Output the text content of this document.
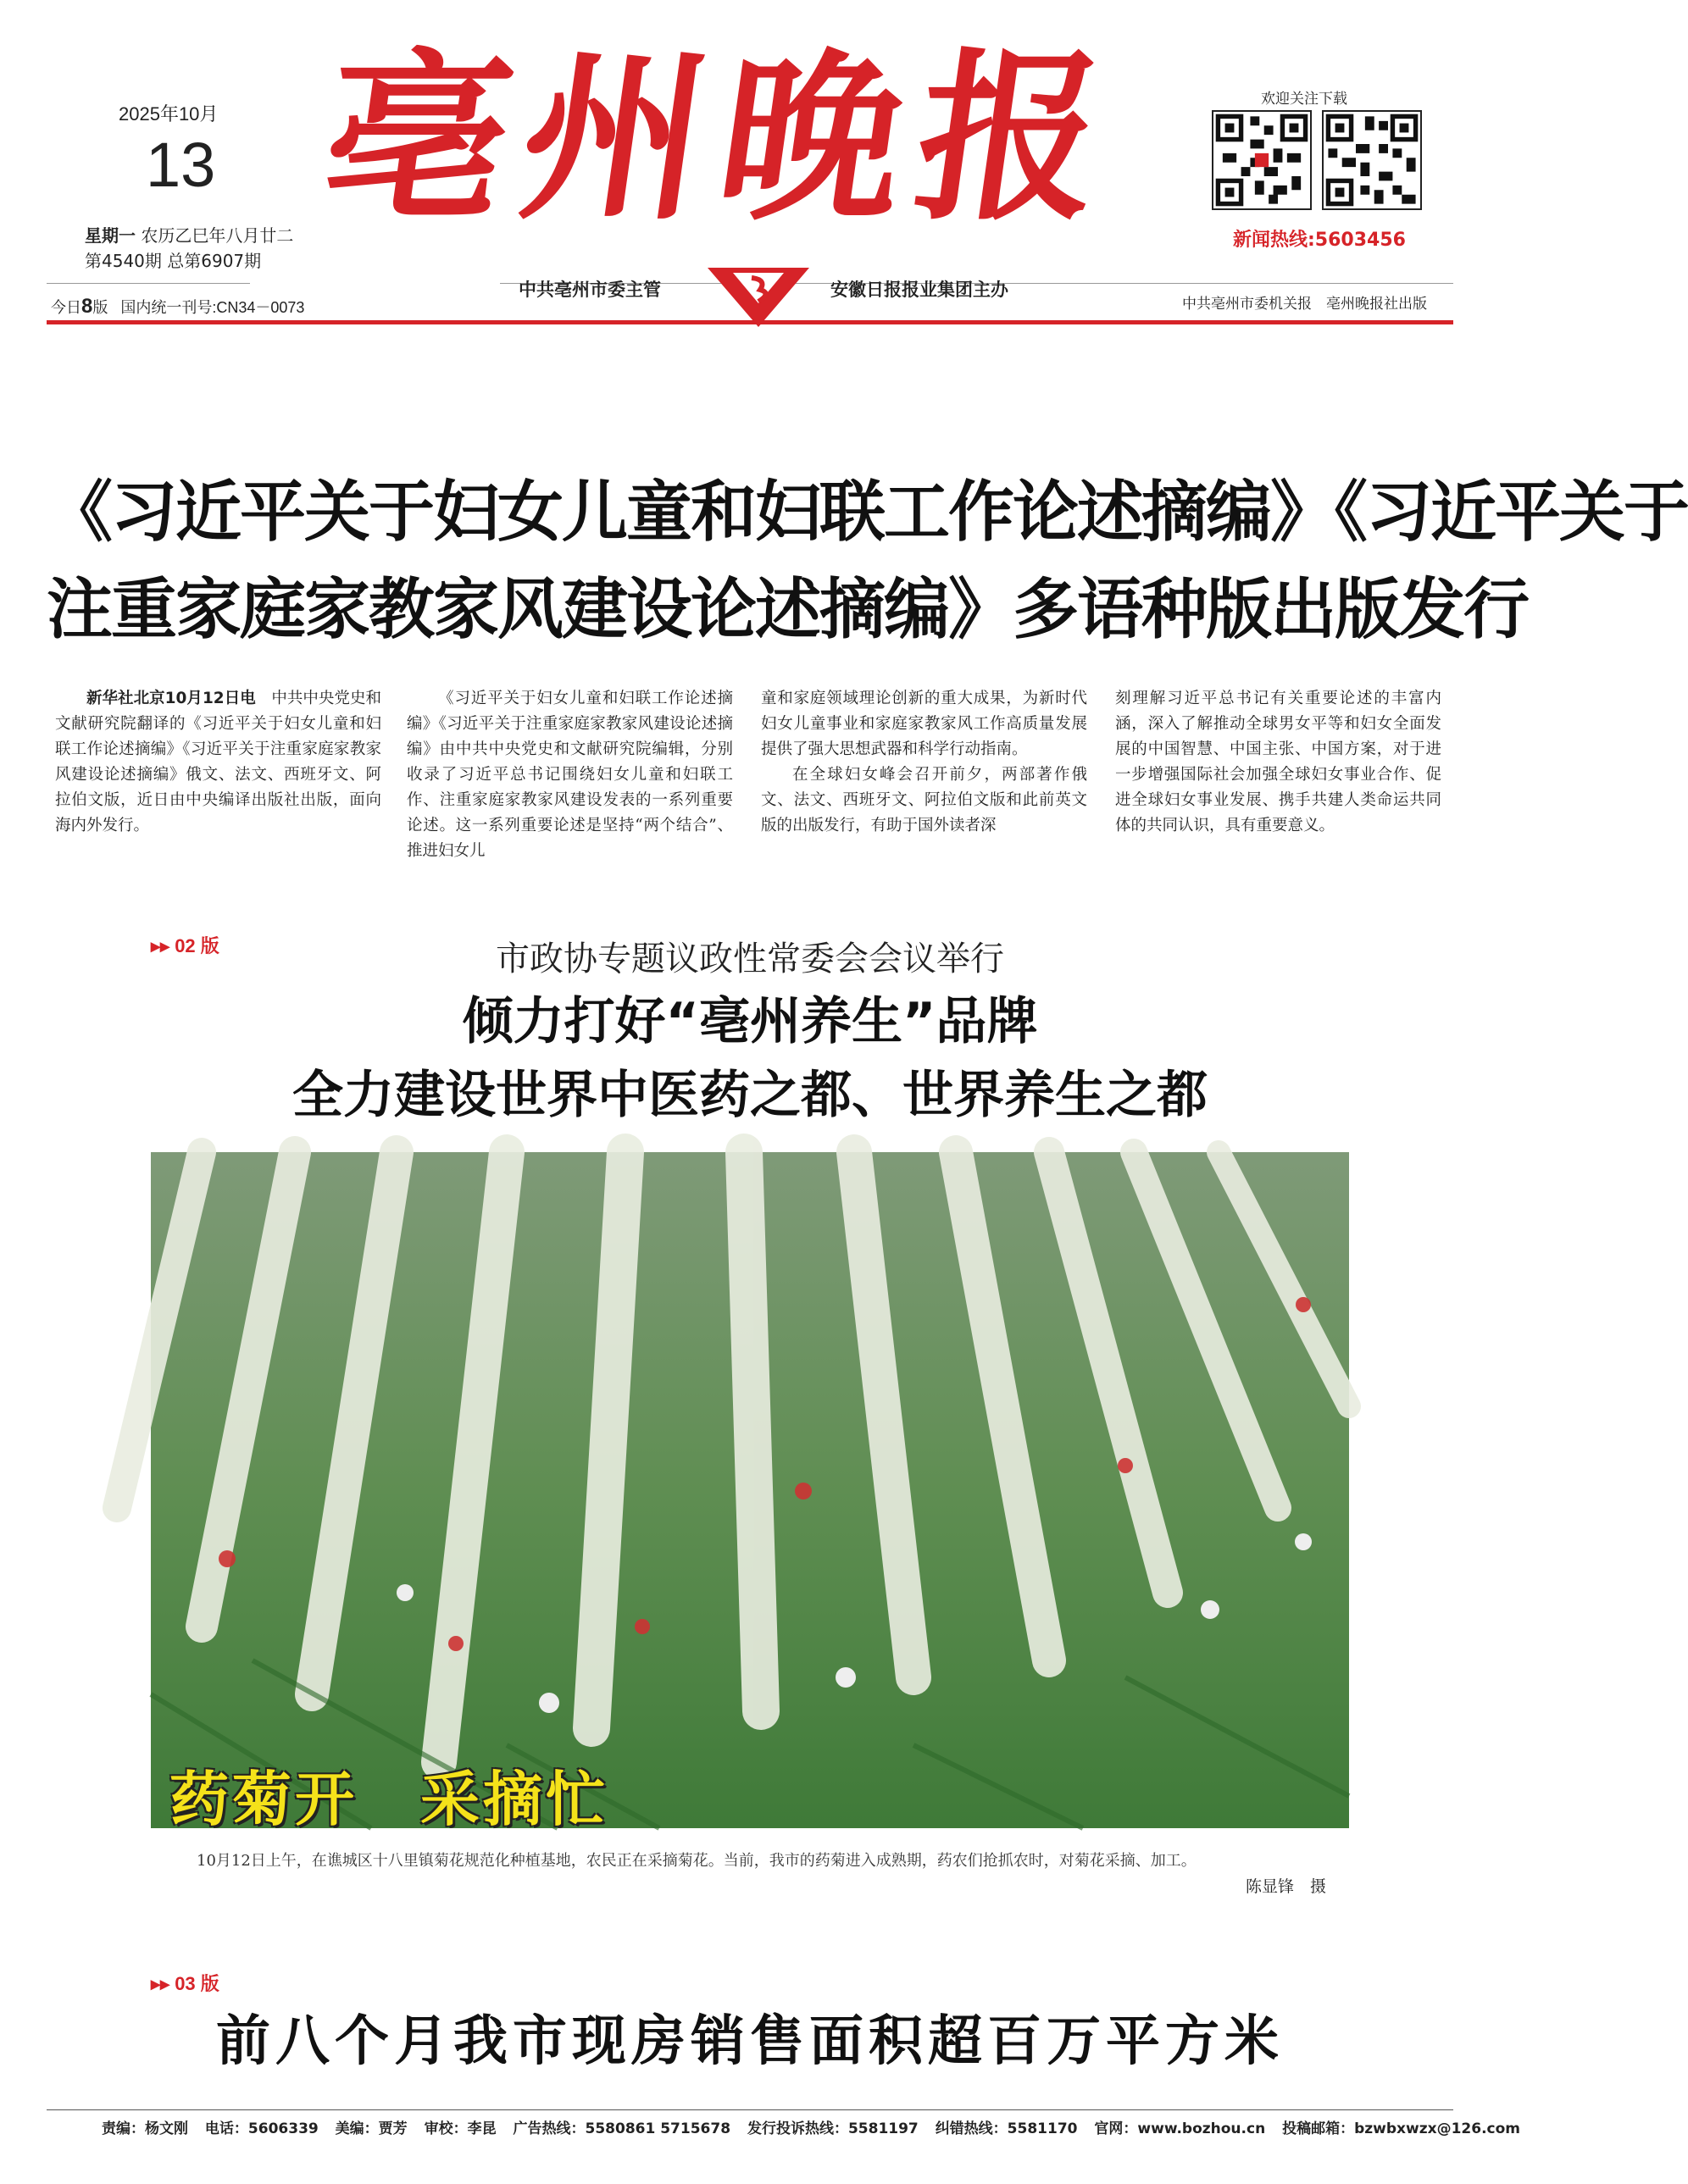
2025年10月
13
星期一 农历乙巳年八月廿二
第4540期 总第6907期
今日8版 国内统一刊号:CN34－0073
亳州晚报
中共亳州市委主管	安徽日报报业集团主办
中共亳州市委机关报　亳州晚报社出版
欢迎关注下载
新闻热线:5603456
《习近平关于妇女儿童和妇联工作论述摘编》《习近平关于
注重家庭家教家风建设论述摘编》多语种版出版发行

新华社北京10月12日电　 中共中央党史和文献研究院翻译的《习近平关于妇女儿童和妇联工作论述摘编》《习近平关于注重家庭家教家风建设论述摘编》俄文、法文、西班牙文、阿拉伯文版，近日由中央编译出版社出版，面向海内外发行。

《习近平关于妇女儿童和妇联工作论述摘编》《习近平关于注重家庭家教家风建设论述摘编》由中共中央党史和文献研究院编辑，分别收录了习近平总书记围绕妇女儿童和妇联工作、注重家庭家教家风建设发表的一系列重要论述。这一系列重要论述是坚持“两个结合”、推进妇女儿

童和家庭领域理论创新的重大成果，为新时代妇女儿童事业和家庭家教家风工作高质量发展提供了强大思想武器和科学行动指南。

在全球妇女峰会召开前夕，两部著作俄文、法文、西班牙文、阿拉伯文版和此前英文版的出版发行，有助于国外读者深

刻理解习近平总书记有关重要论述的丰富内涵，深入了解推动全球男女平等和妇女全面发展的中国智慧、中国主张、中国方案，对于进一步增强国际社会加强全球妇女事业合作、促进全球妇女事业发展、携手共建人类命运共同体的共同认识，具有重要意义。

▸▸ 02 版	市政协专题议政性常委会会议举行
倾力打好“亳州养生”品牌
全力建设世界中医药之都、世界养生之都
药菊开　采摘忙
10月12日上午，在谯城区十八里镇菊花规范化种植基地，农民正在采摘菊花。当前，我市的药菊进入成熟期，药农们抢抓农时，对菊花采摘、加工。
陈显锋　摄
▸▸ 03 版
前八个月我市现房销售面积超百万平方米
责编：杨文刚 电话：5606339 美编：贾芳 审校：李昆 广告热线：5580861 5715678 发行投诉热线：5581197 纠错热线：5581170 官网：www.bozhou.cn 投稿邮箱：bzwbxwzx@126.com
